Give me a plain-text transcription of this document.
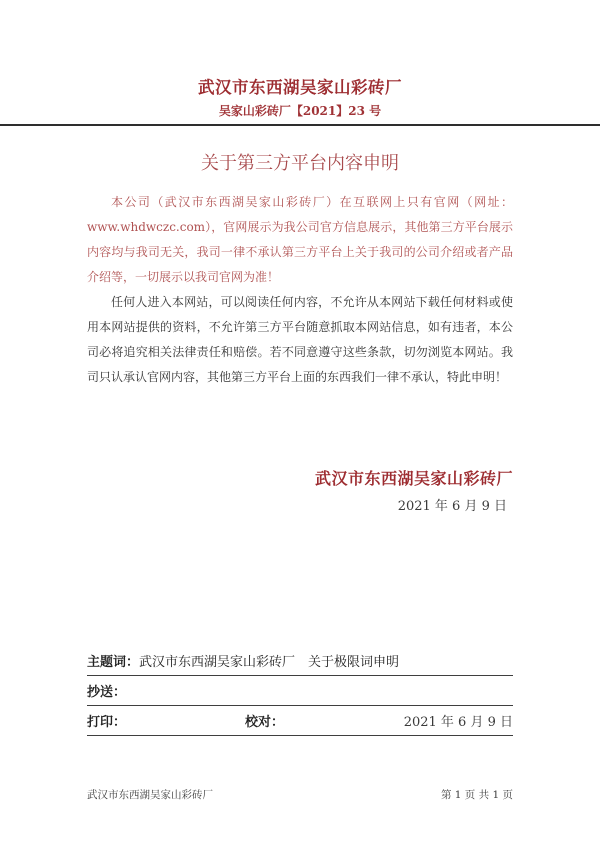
武汉市东西湖吴家山彩砖厂
吴家山彩砖厂【2021】23 号
关于第三方平台内容申明

本公司（武汉市东西湖吴家山彩砖厂）在互联网上只有官网（网址：www.whdwczc.com），官网展示为我公司官方信息展示，其他第三方平台展示内容均与我司无关，我司一律不承认第三方平台上关于我司的公司介绍或者产品介绍等，一切展示以我司官网为准！

任何人进入本网站，可以阅读任何内容，不允许从本网站下载任何材料或使用本网站提供的资料，不允许第三方平台随意抓取本网站信息，如有违者，本公司必将追究相关法律责任和赔偿。若不同意遵守这些条款，切勿浏览本网站。我司只认承认官网内容，其他第三方平台上面的东西我们一律不承认，特此申明！

武汉市东西湖吴家山彩砖厂
2021 年 6 月 9 日
主题词：武汉市东西湖吴家山彩砖厂　关于极限词申明
抄送：
打印：	校对：	2021 年 6 月 9 日
武汉市东西湖吴家山彩砖厂	第 1 页 共 1 页
